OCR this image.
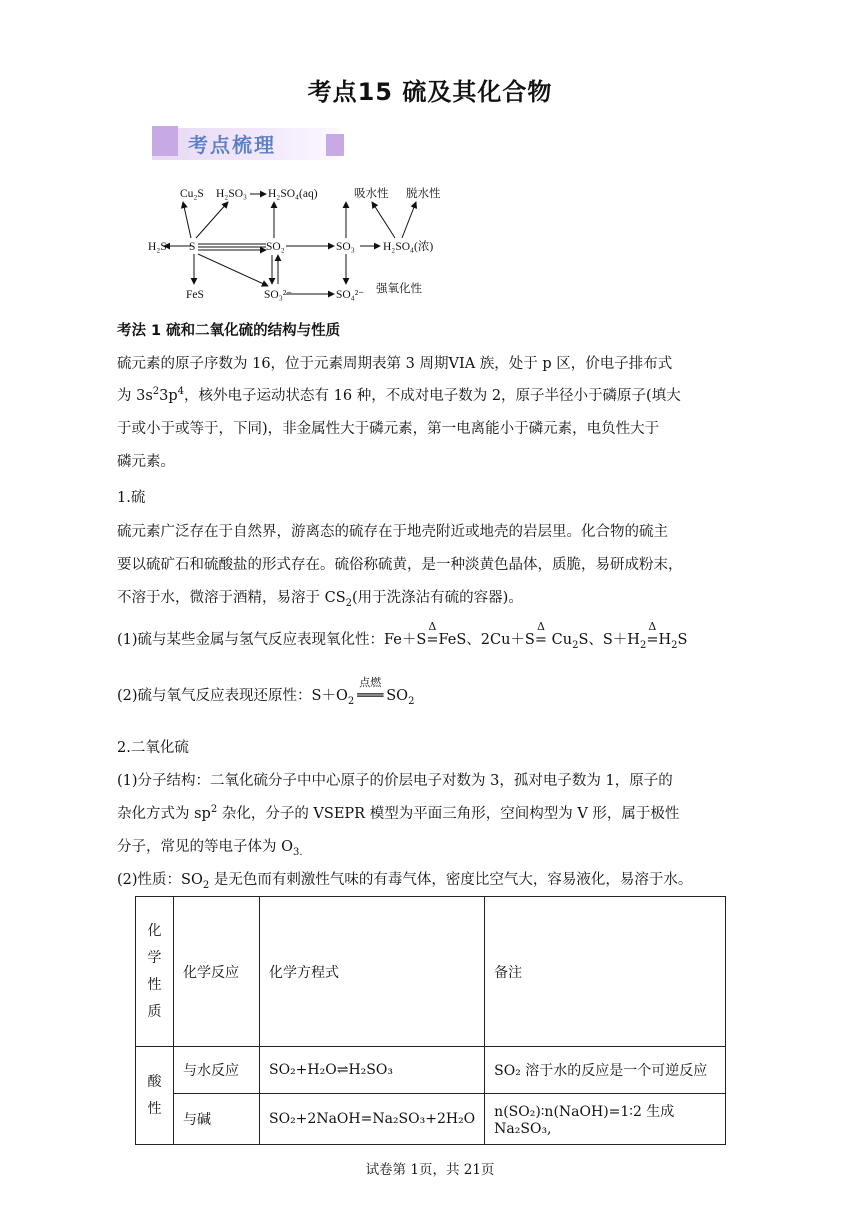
考点15 硫及其化合物
考点梳理
Cu₂S H₂SO₃ H₂SO₄(aq)	吸水性 脱水性
H₂S S	SO₂	SO₃ H₂SO₄(浓)
FeS	SO₃²⁻	SO₄²⁻ 强氧化性
考法 1 硫和二氧化硫的结构与性质
硫元素的原子序数为 16，位于元素周期表第 3 周期VIA 族，处于 p 区，价电子排布式
为 $3s^23p^4$，核外电子运动状态有 16 种，不成对电子数为 2，原子半径小于磷原子(填大
于或小于或等于，下同)，非金属性大于磷元素，第一电离能小于磷元素，电负性大于
磷元素。
1.硫
硫元素广泛存在于自然界，游离态的硫存在于地壳附近或地壳的岩层里。化合物的硫主
要以硫矿石和硫酸盐的形式存在。硫俗称硫黄，是一种淡黄色晶体，质脆，易研成粉末，
不溶于水，微溶于酒精，易溶于 $CS_2$(用于洗涤沾有硫的容器)。
(1)硫与某些金属与氢气反应表现氧化性：Fe＋S
Δ
=FeS、2Cu＋S
Δ
= $Cu_2S$、$S+H_2$
Δ
$=H_2S$
(2)硫与氧气反应表现还原性：$S+O_2$
点燃
═══ $SO_2$
2.二氧化硫
(1)分子结构：二氧化硫分子中中心原子的价层电子对数为 3，孤对电子数为 1，原子的
杂化方式为 $sp^2$ 杂化，分子的 VSEPR 模型为平面三角形，空间构型为 V 形，属于极性
分子，常见的等电子体为 $O_{3.}$
(2)性质：$SO_2$ 是无色而有刺激性气味的有毒气体，密度比空气大，容易液化，易溶于水。
化
学
性
质	化学反应	化学方程式	备注
酸
性	与水反应	SO₂+H₂O⇌H₂SO₃	SO₂ 溶于水的反应是一个可逆反应
	与碱	SO₂+2NaOH=Na₂SO₃+2H₂O	n(SO₂)∶n(NaOH)=1∶2 生成 Na₂SO₃,
试卷第 1页，共 21页
